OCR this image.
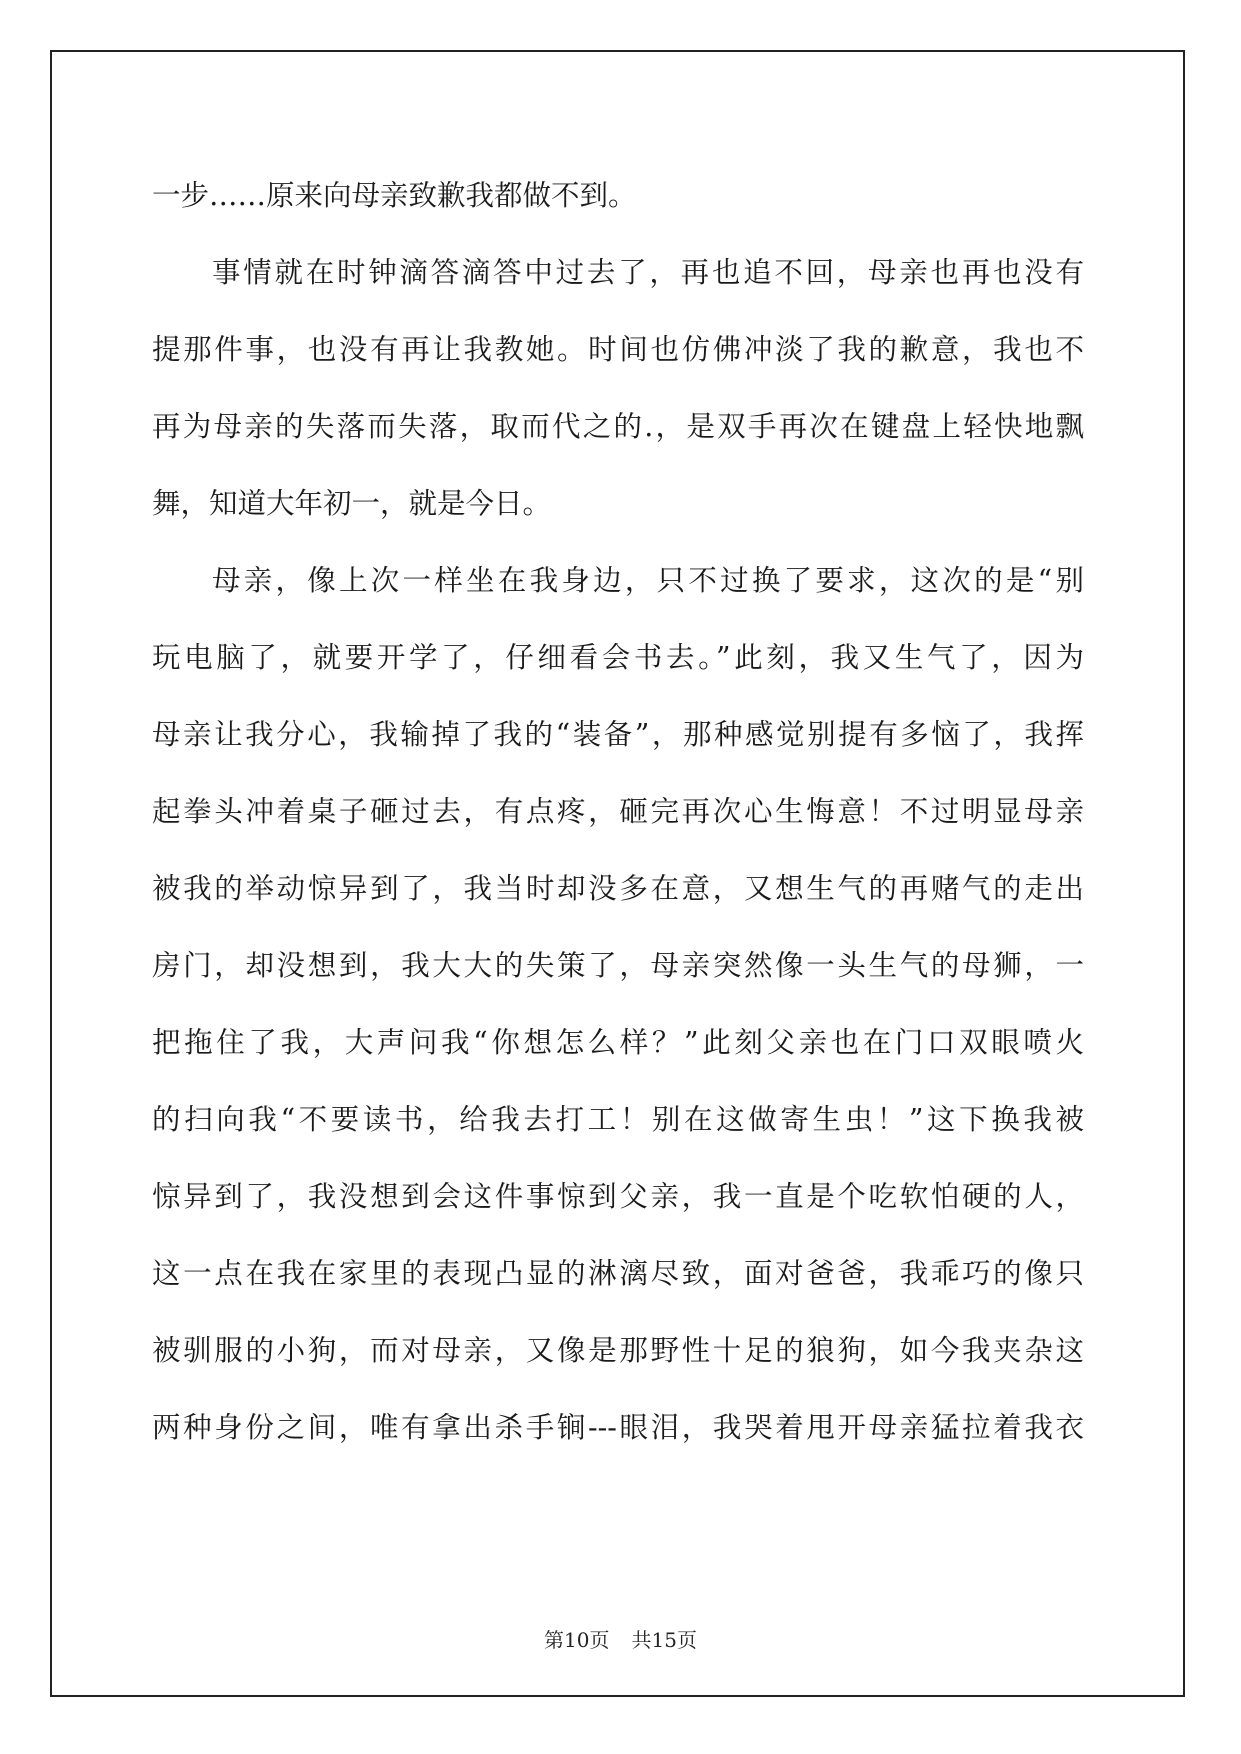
一步……原来向母亲致歉我都做不到。
事情就在时钟滴答滴答中过去了，再也追不回，母亲也再也没有
提那件事，也没有再让我教她。时间也仿佛冲淡了我的歉意，我也不
再为母亲的失落而失落，取而代之的.，是双手再次在键盘上轻快地飘
舞，知道大年初一，就是今日。
母亲，像上次一样坐在我身边，只不过换了要求，这次的是“别
玩电脑了，就要开学了，仔细看会书去。”此刻，我又生气了，因为
母亲让我分心，我输掉了我的“装备”，那种感觉别提有多恼了，我挥
起拳头冲着桌子砸过去，有点疼，砸完再次心生悔意！不过明显母亲
被我的举动惊异到了，我当时却没多在意，又想生气的再赌气的走出
房门，却没想到，我大大的失策了，母亲突然像一头生气的母狮，一
把拖住了我，大声问我“你想怎么样？”此刻父亲也在门口双眼喷火
的扫向我“不要读书，给我去打工！别在这做寄生虫！”这下换我被
惊异到了，我没想到会这件事惊到父亲，我一直是个吃软怕硬的人，
这一点在我在家里的表现凸显的淋漓尽致，面对爸爸，我乖巧的像只
被驯服的小狗，而对母亲，又像是那野性十足的狼狗，如今我夹杂这
两种身份之间，唯有拿出杀手锏---眼泪，我哭着甩开母亲猛拉着我衣
第10页 共15页
